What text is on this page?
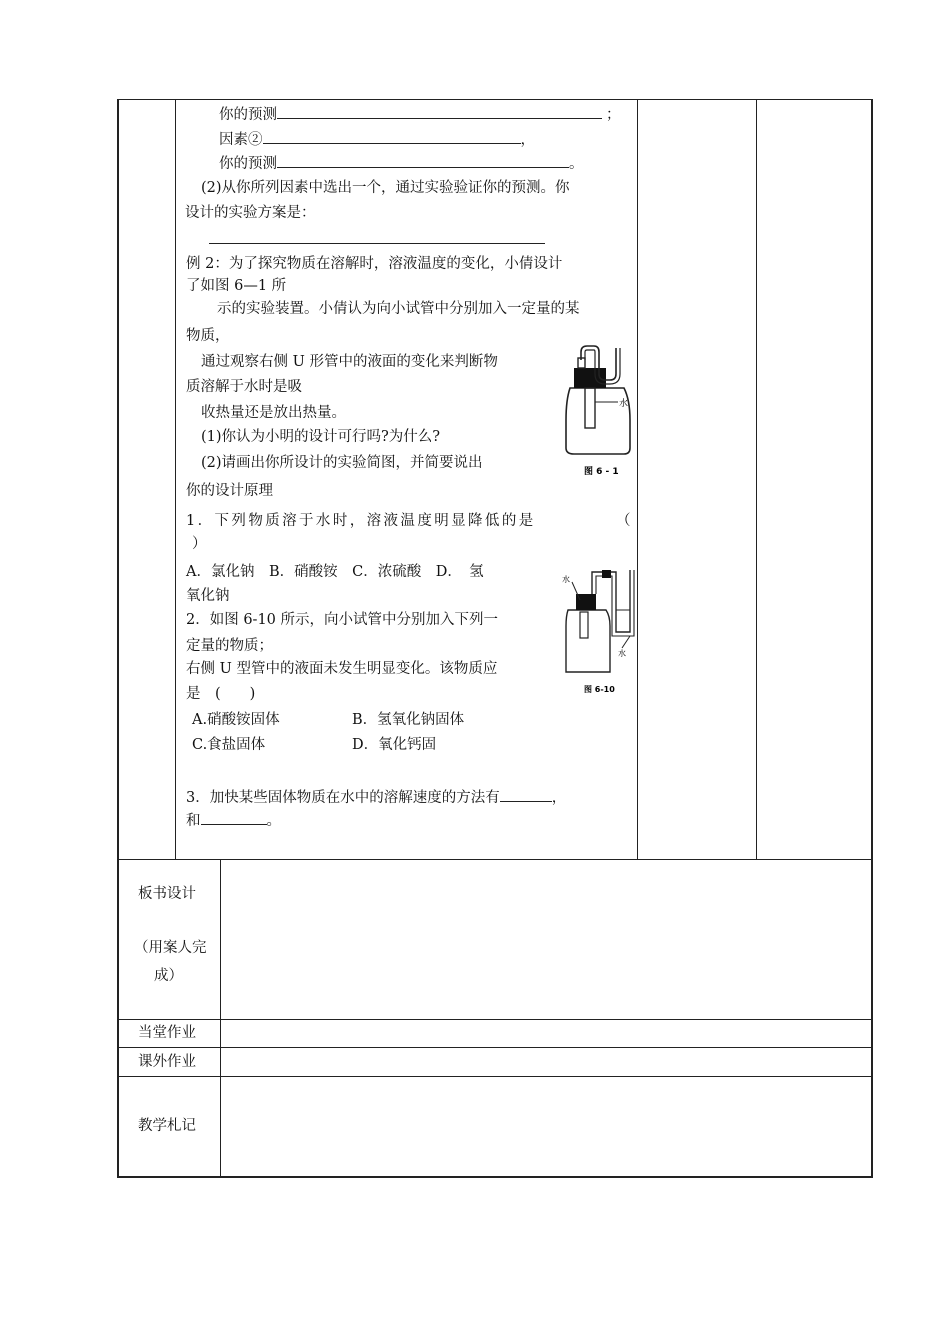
你的预测	；
因素②	，
你的预测	。
(2)从你所列因素中选出一个，通过实验验证你的预测。你
设计的实验方案是：
例 2：为了探究物质在溶解时，溶液温度的变化，小倩设计
了如图 6—1 所
示的实验装置。小倩认为向小试管中分别加入一定量的某
物质，
通过观察右侧 U 形管中的液面的变化来判断物
质溶解于水时是吸
收热量还是放出热量。
(1)你认为小明的设计可行吗?为什么?
(2)请画出你所设计的实验简图，并简要说出
你的设计原理
水
图 6 - 1
1．下列物质溶于水时，溶液温度明显降低的是	（
）
A．氯化钠　B．硝酸铵　C．浓硫酸　D．　氢
氧化钠
水
水
图 6-10
2．如图 6-10 所示，向小试管中分别加入下列一
定量的物质；
右侧 U 型管中的液面未发生明显变化。该物质应
是　(　　)
A.硝酸铵固体	B．氢氧化钠固体
C.食盐固体	D．氧化钙固
3．加快某些固体物质在水中的溶解速度的方法有	，
和	。
板书设计
（用案人完
成）
当堂作业
课外作业
教学札记
